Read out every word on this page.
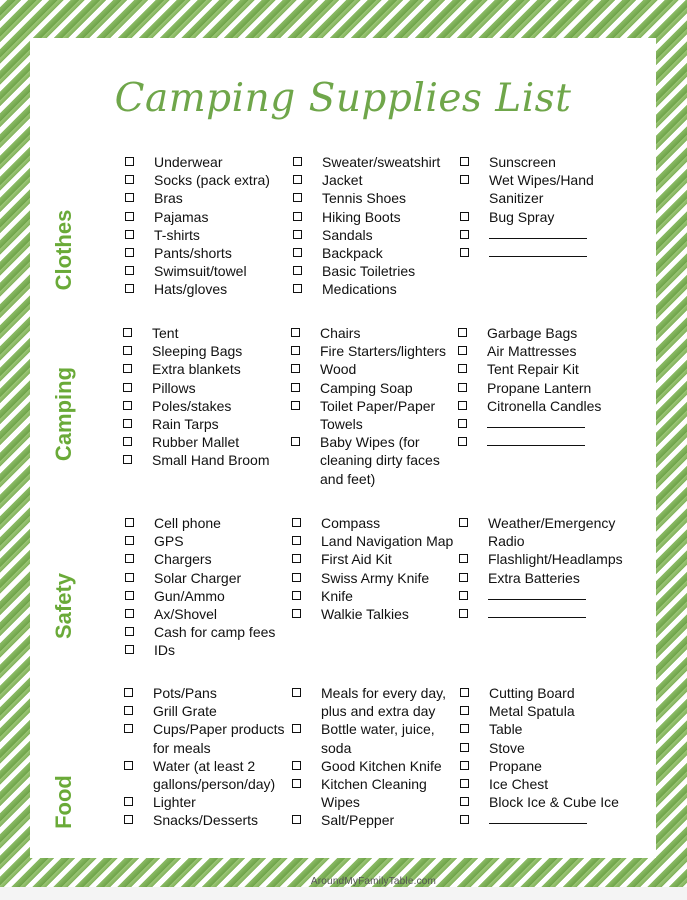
Camping Supplies List
AroundMyFamilyTable.com
Clothes
Underwear
Socks (pack extra)
Bras
Pajamas
T-shirts
Pants/shorts
Swimsuit/towel
Hats/gloves
Sweater/sweatshirt
Jacket
Tennis Shoes
Hiking Boots
Sandals
Backpack
Basic Toiletries
Medications
Sunscreen
Wet Wipes/Hand
Sanitizer
Bug Spray
Camping
Tent
Sleeping Bags
Extra blankets
Pillows
Poles/stakes
Rain Tarps
Rubber Mallet
Small Hand Broom
Chairs
Fire Starters/lighters
Wood
Camping Soap
Toilet Paper/Paper
Towels
Baby Wipes (for
cleaning dirty faces
and feet)
Garbage Bags
Air Mattresses
Tent Repair Kit
Propane Lantern
Citronella Candles
Safety
Cell phone
GPS
Chargers
Solar Charger
Gun/Ammo
Ax/Shovel
Cash for camp fees
IDs
Compass
Land Navigation Map
First Aid Kit
Swiss Army Knife
Knife
Walkie Talkies
Weather/Emergency
Radio
Flashlight/Headlamps
Extra Batteries
Food
Pots/Pans
Grill Grate
Cups/Paper products
for meals
Water (at least 2
gallons/person/day)
Lighter
Snacks/Desserts
Meals for every day,
plus and extra day
Bottle water, juice,
soda
Good Kitchen Knife
Kitchen Cleaning
Wipes
Salt/Pepper
Cutting Board
Metal Spatula
Table
Stove
Propane
Ice Chest
Block Ice & Cube Ice
